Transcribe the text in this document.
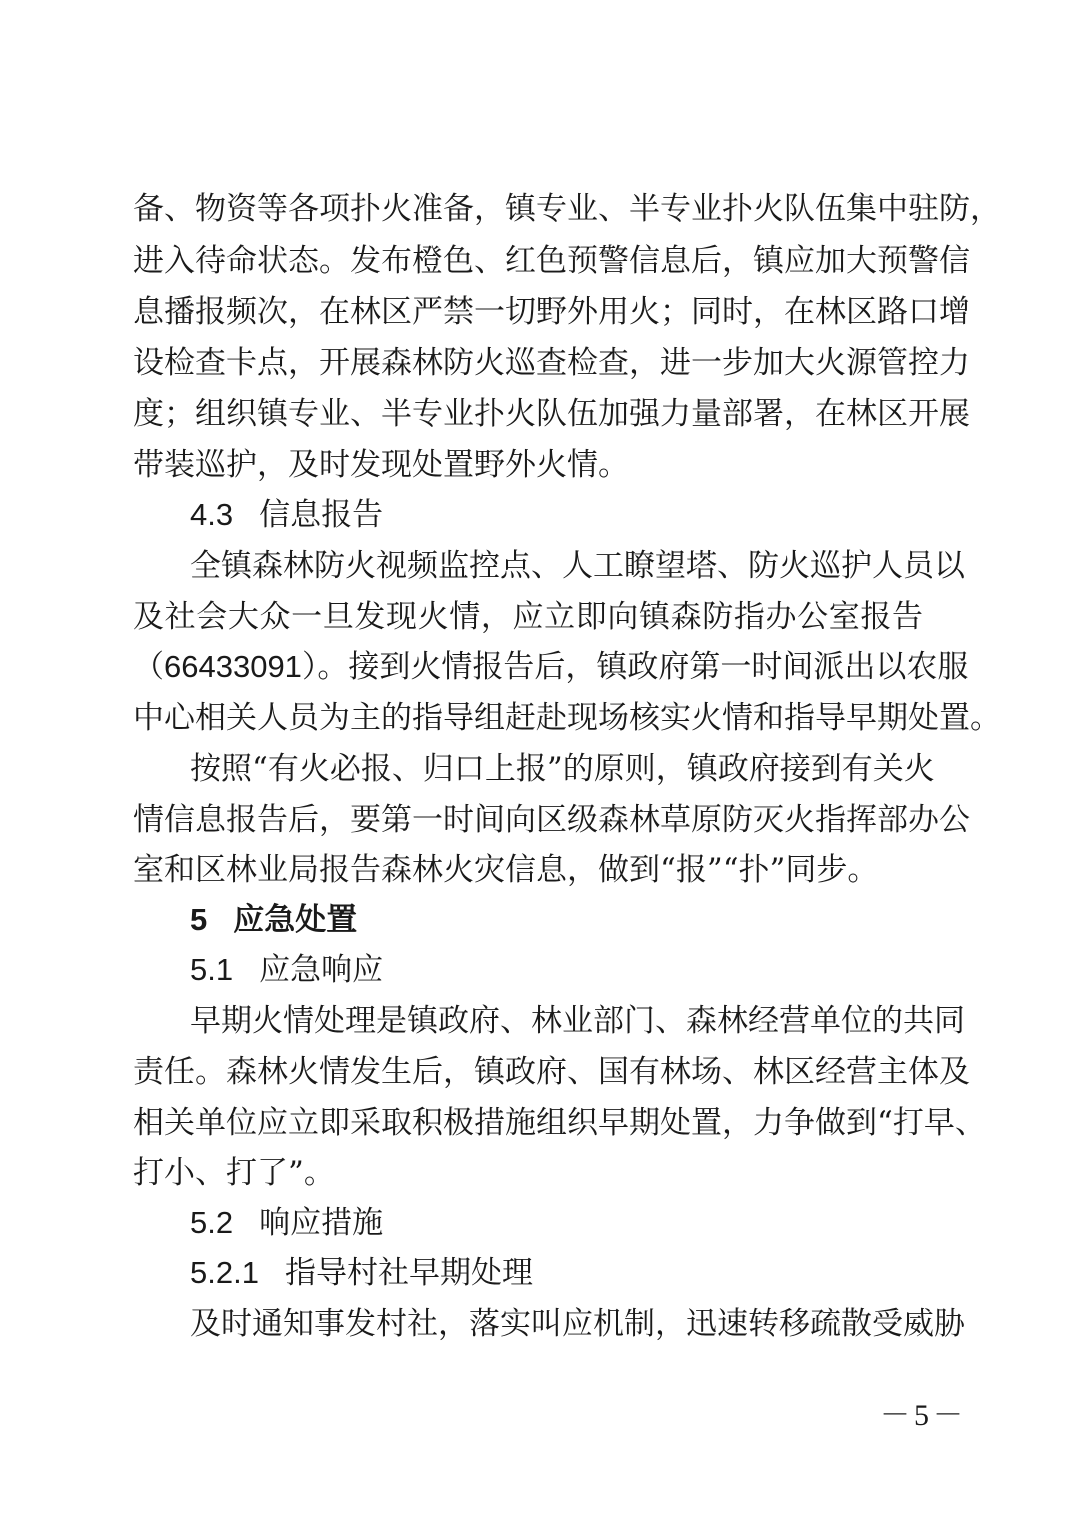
备、物资等各项扑火准备，镇专业、半专业扑火队伍集中驻防，
进入待命状态。发布橙色、红色预警信息后，镇应加大预警信
息播报频次，在林区严禁一切野外用火；同时，在林区路口增
设检查卡点，开展森林防火巡查检查，进一步加大火源管控力
度；组织镇专业、半专业扑火队伍加强力量部署，在林区开展
带装巡护，及时发现处置野外火情。
4.3 信息报告
全镇森林防火视频监控点、人工瞭望塔、防火巡护人员以
及社会大众一旦发现火情，应立即向镇森防指办公室报告
（66433091）。接到火情报告后，镇政府第一时间派出以农服
中心相关人员为主的指导组赶赴现场核实火情和指导早期处置。
按照“有火必报、归口上报”的原则，镇政府接到有关火
情信息报告后，要第一时间向区级森林草原防灭火指挥部办公
室和区林业局报告森林火灾信息，做到“报”“扑”同步。
5 应急处置
5.1 应急响应
早期火情处理是镇政府、林业部门、森林经营单位的共同
责任。森林火情发生后，镇政府、国有林场、林区经营主体及
相关单位应立即采取积极措施组织早期处置，力争做到“打早、
打小、打了”。
5.2 响应措施
5.2.1 指导村社早期处理
及时通知事发村社，落实叫应机制，迅速转移疏散受威胁
－5－
